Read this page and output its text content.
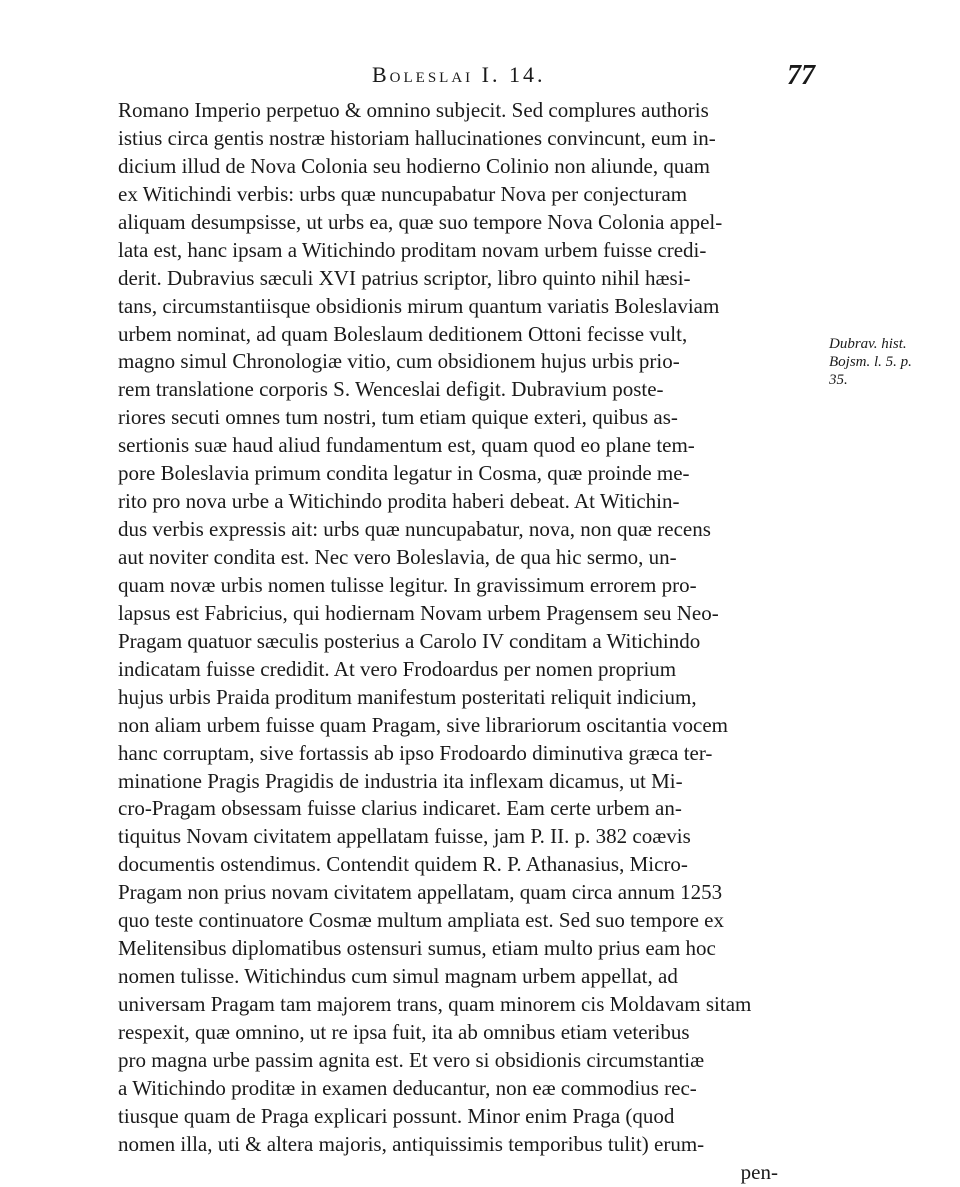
Boleslai I. 14.	77
Romano Imperio perpetuo & omnino subjecit. Sed complures authoris
istius circa gentis nostræ historiam hallucinationes convincunt, eum in-
dicium illud de Nova Colonia seu hodierno Colinio non aliunde, quam
ex Witichindi verbis: urbs quæ nuncupabatur Nova per conjecturam
aliquam desumpsisse, ut urbs ea, quæ suo tempore Nova Colonia appel-
lata est, hanc ipsam a Witichindo proditam novam urbem fuisse credi-
derit. Dubravius sæculi XVI patrius scriptor, libro quinto nihil hæsi-
tans, circumstantiisque obsidionis mirum quantum variatis Boleslaviam
urbem nominat, ad quam Boleslaum deditionem Ottoni fecisse vult,
magno simul Chronologiæ vitio, cum obsidionem hujus urbis prio-
rem translatione corporis S. Wenceslai defigit. Dubravium poste-
riores secuti omnes tum nostri, tum etiam quique exteri, quibus as-
sertionis suæ haud aliud fundamentum est, quam quod eo plane tem-
pore Boleslavia primum condita legatur in Cosma, quæ proinde me-
rito pro nova urbe a Witichindo prodita haberi debeat. At Witichin-
dus verbis expressis ait: urbs quæ nuncupabatur, nova, non quæ recens
aut noviter condita est. Nec vero Boleslavia, de qua hic sermo, un-
quam novæ urbis nomen tulisse legitur. In gravissimum errorem pro-
lapsus est Fabricius, qui hodiernam Novam urbem Pragensem seu Neo-
Pragam quatuor sæculis posterius a Carolo IV conditam a Witichindo
indicatam fuisse credidit. At vero Frodoardus per nomen proprium
hujus urbis Praida proditum manifestum posteritati reliquit indicium,
non aliam urbem fuisse quam Pragam, sive librariorum oscitantia vocem
hanc corruptam, sive fortassis ab ipso Frodoardo diminutiva græca ter-
minatione Pragis Pragidis de industria ita inflexam dicamus, ut Mi-
cro-Pragam obsessam fuisse clarius indicaret. Eam certe urbem an-
tiquitus Novam civitatem appellatam fuisse, jam P. II. p. 382 coævis
documentis ostendimus. Contendit quidem R. P. Athanasius, Micro-
Pragam non prius novam civitatem appellatam, quam circa annum 1253
quo teste continuatore Cosmæ multum ampliata est. Sed suo tempore ex
Melitensibus diplomatibus ostensuri sumus, etiam multo prius eam hoc
nomen tulisse. Witichindus cum simul magnam urbem appellat, ad
universam Pragam tam majorem trans, quam minorem cis Moldavam sitam
respexit, quæ omnino, ut re ipsa fuit, ita ab omnibus etiam veteribus
pro magna urbe passim agnita est. Et vero si obsidionis circumstantiæ
a Witichindo proditæ in examen deducantur, non eæ commodius rec-
tiusque quam de Praga explicari possunt. Minor enim Praga (quod
nomen illa, uti & altera majoris, antiquissimis temporibus tulit) erum-
pen-
Dubrav. hist.
Bojsm. l. 5. p.
35.
